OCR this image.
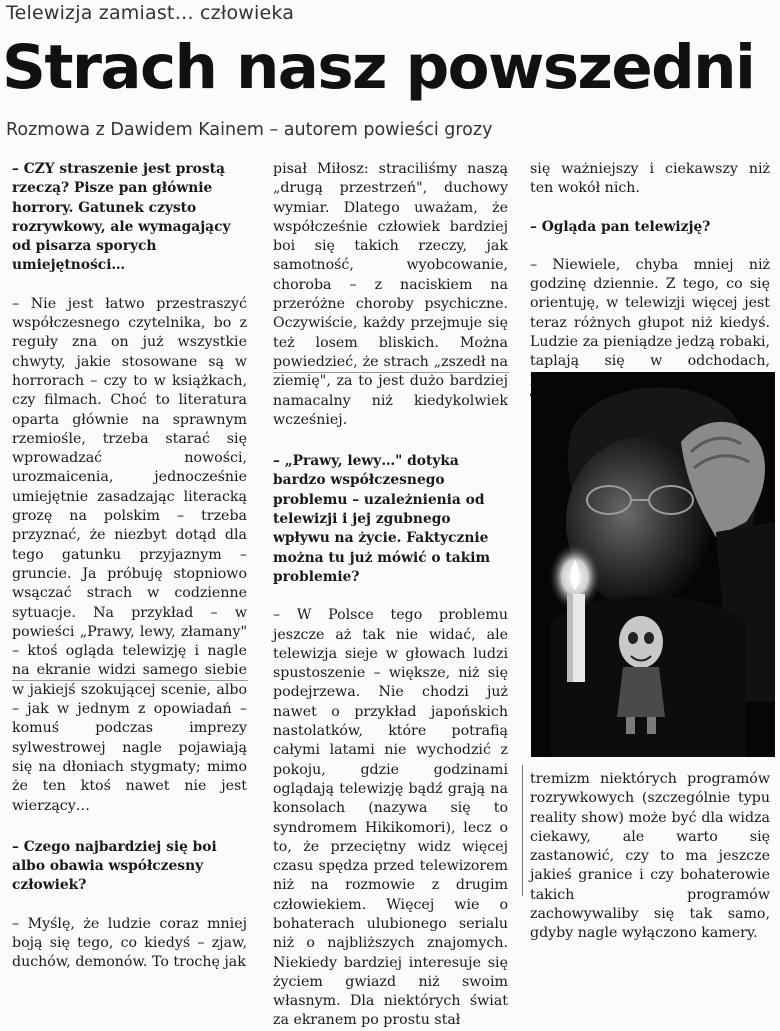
Telewizja zamiast… człowieka
Strach nasz powszedni
Rozmowa z Dawidem Kainem – autorem powieści grozy

– CZY straszenie jest prostą rzeczą? Pisze pan głównie horrory. Gatunek czysto rozrywkowy, ale wymagający od pisarza sporych umiejętności…

– Nie jest łatwo przestraszyć współczesnego czytelnika, bo z reguły zna on już wszystkie chwyty, jakie stosowane są w horrorach – czy to w książkach, czy filmach. Choć to literatura oparta głównie na sprawnym rzemiośle, trzeba starać się wprowadzać nowości, urozmaicenia, jednocześnie umiejętnie zasadzając literacką grozę na polskim – trzeba przyznać, że niezbyt dotąd dla tego gatunku przyjaznym – gruncie. Ja próbuję stopniowo wsączać strach w codzienne sytuacje. Na przykład – w powieści „Prawy, lewy, złamany" – ktoś ogląda telewizję i nagle na ekranie widzi samego siebie w jakiejś szokującej scenie, albo – jak w jednym z opowiadań – komuś podczas imprezy sylwestrowej nagle pojawiają się na dłoniach stygmaty; mimo że ten ktoś nawet nie jest wierzący…

– Czego najbardziej się boi albo obawia współczesny człowiek?

– Myślę, że ludzie coraz mniej boją się tego, co kiedyś – zjaw, duchów, demonów. To trochę jak

pisał Miłosz: straciliśmy naszą „drugą przestrzeń", duchowy wymiar. Dlatego uważam, że współcześnie człowiek bardziej boi się takich rzeczy, jak samotność, wyobcowanie, choroba – z naciskiem na przeróżne choroby psychiczne. Oczywiście, każdy przejmuje się też losem bliskich. Można powiedzieć, że strach „zszedł na ziemię", za to jest dużo bardziej namacalny niż kiedykolwiek wcześniej.

– „Prawy, lewy…" dotyka bardzo współczesnego problemu – uzależnienia od telewizji i jej zgubnego wpływu na życie. Faktycznie można tu już mówić o takim problemie?

– W Polsce tego problemu jeszcze aż tak nie widać, ale telewizja sieje w głowach ludzi spustoszenie – większe, niż się podejrzewa. Nie chodzi już nawet o przykład japońskich nastolatków, które potrafią całymi latami nie wychodzić z pokoju, gdzie godzinami oglądają telewizję bądź grają na konsolach (nazywa się to syndromem Hikikomori), lecz o to, że przeciętny widz więcej czasu spędza przed telewizorem niż na rozmowie z drugim człowiekiem. Więcej wie o bohaterach ulubionego serialu niż o najbliższych znajomych. Niekiedy bardziej interesuje się życiem gwiazd niż swoim własnym. Dla niektórych świat za ekranem po prostu stał

się ważniejszy i ciekawszy niż ten wokół nich.

– Ogląda pan telewizję?

– Niewiele, chyba mniej niż godzinę dziennie. Z tego, co się orientuję, w telewizji więcej jest teraz różnych głupot niż kiedyś. Ludzie za pieniądze jedzą robaki, taplają się w odchodach,

tremizm niektórych programów rozrywkowych (szczególnie typu reality show) może być dla widza ciekawy, ale warto się zastanowić, czy to ma jeszcze jakieś granice i czy bohaterowie takich programów zachowywaliby się tak samo, gdyby nagle wyłączono kamery.
